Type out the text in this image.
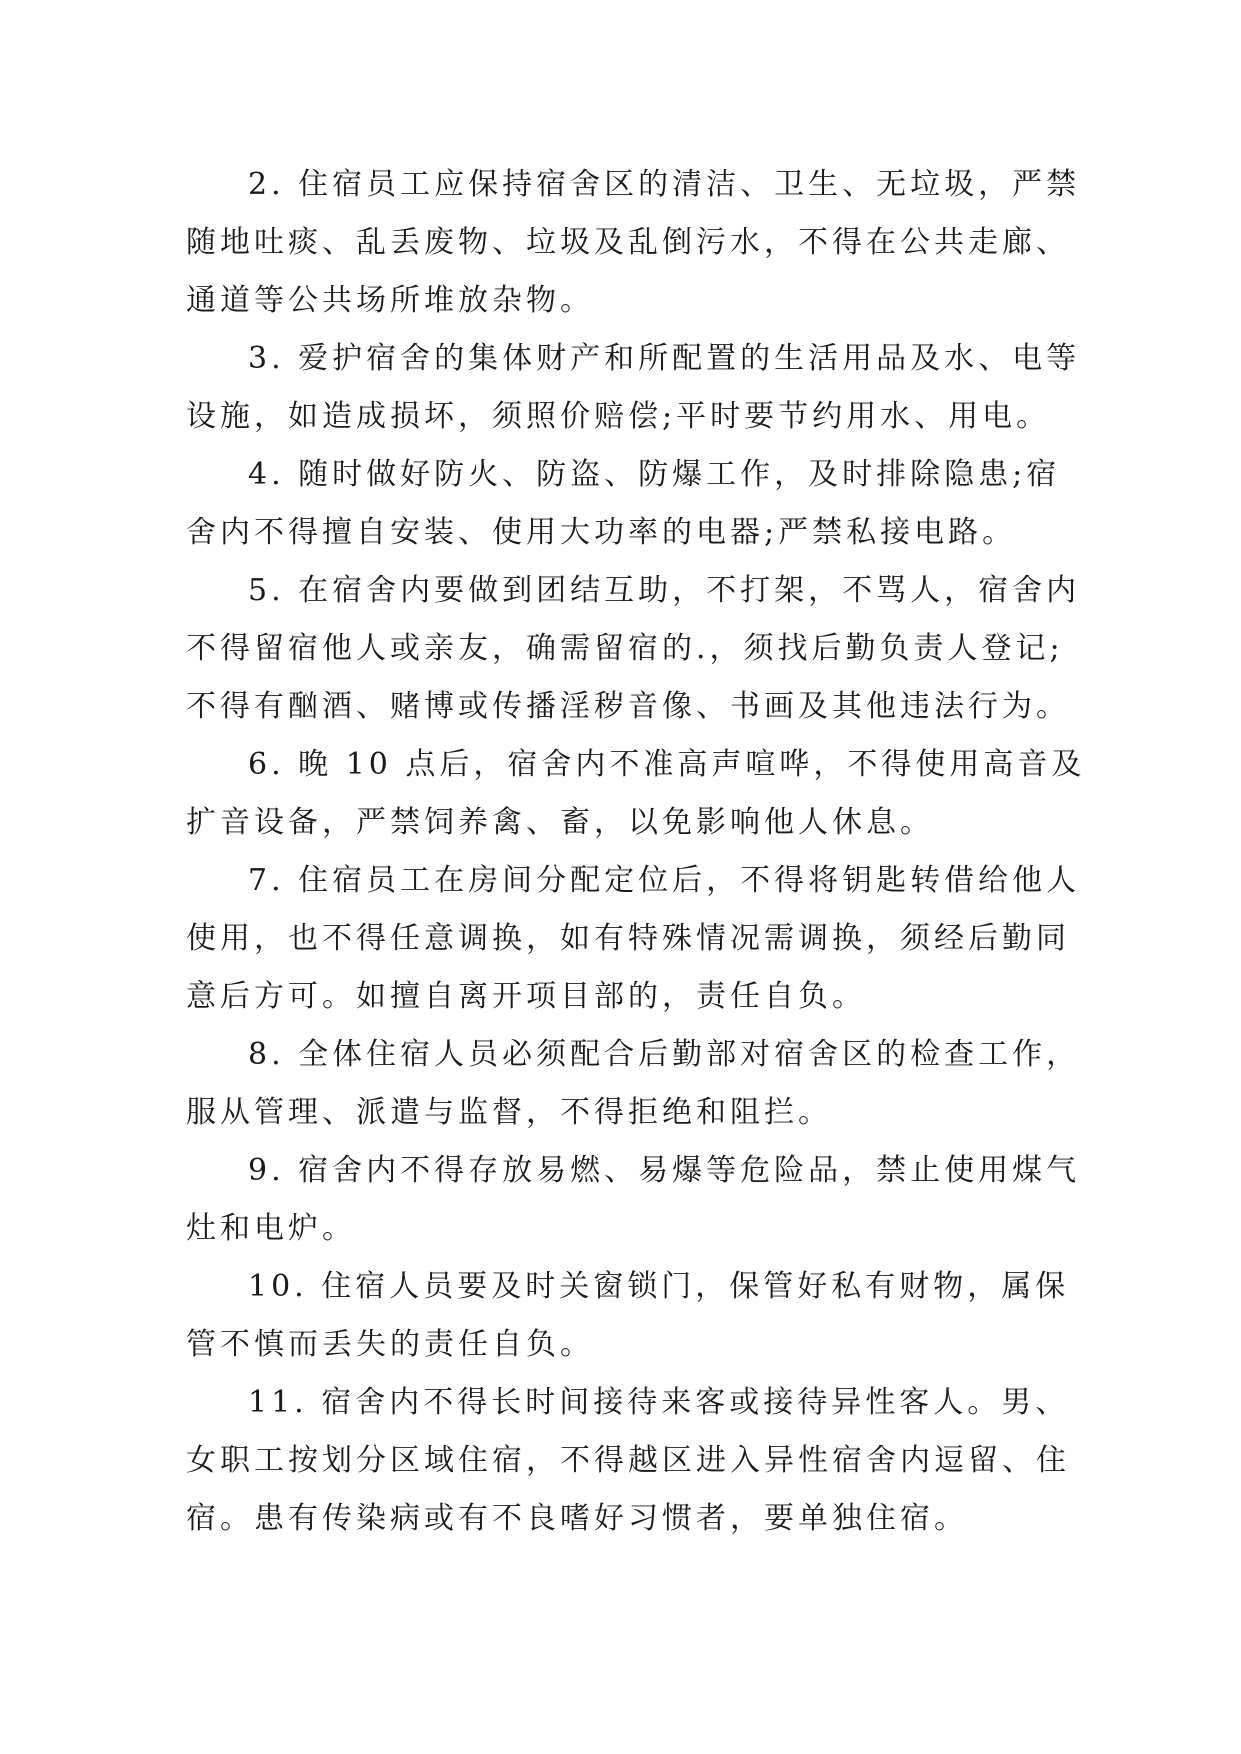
2. 住宿员工应保持宿舍区的清洁、卫生、无垃圾，严禁
随地吐痰、乱丢废物、垃圾及乱倒污水，不得在公共走廊、
通道等公共场所堆放杂物。
3. 爱护宿舍的集体财产和所配置的生活用品及水、电等
设施，如造成损坏，须照价赔偿;平时要节约用水、用电。
4. 随时做好防火、防盗、防爆工作，及时排除隐患;宿
舍内不得擅自安装、使用大功率的电器;严禁私接电路。
5. 在宿舍内要做到团结互助，不打架，不骂人，宿舍内
不得留宿他人或亲友，确需留宿的.，须找后勤负责人登记;
不得有酗酒、赌博或传播淫秽音像、书画及其他违法行为。
6. 晚 10 点后，宿舍内不准高声喧哗，不得使用高音及
扩音设备，严禁饲养禽、畜，以免影响他人休息。
7. 住宿员工在房间分配定位后，不得将钥匙转借给他人
使用，也不得任意调换，如有特殊情况需调换，须经后勤同
意后方可。如擅自离开项目部的，责任自负。
8. 全体住宿人员必须配合后勤部对宿舍区的检查工作，
服从管理、派遣与监督，不得拒绝和阻拦。
9. 宿舍内不得存放易燃、易爆等危险品，禁止使用煤气
灶和电炉。
10. 住宿人员要及时关窗锁门，保管好私有财物，属保
管不慎而丢失的责任自负。
11. 宿舍内不得长时间接待来客或接待异性客人。男、
女职工按划分区域住宿，不得越区进入异性宿舍内逗留、住
宿。患有传染病或有不良嗜好习惯者，要单独住宿。
